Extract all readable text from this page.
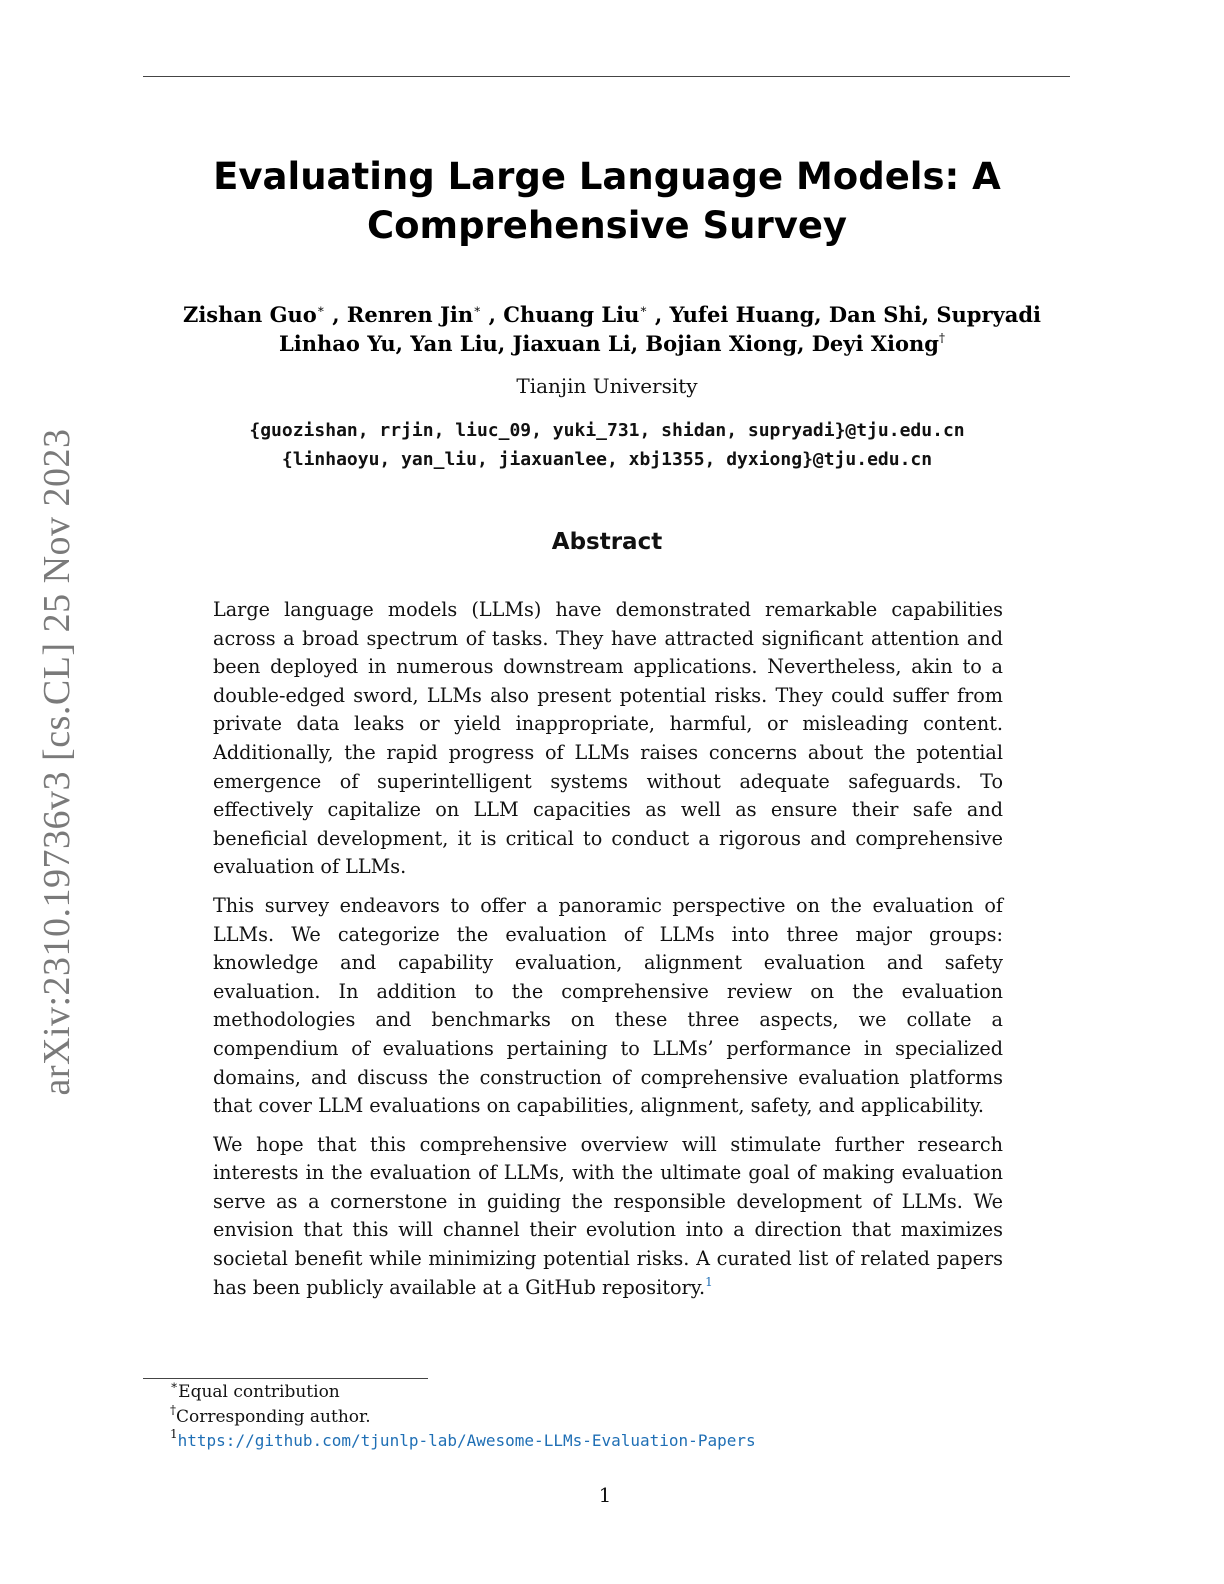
arXiv:2310.19736v3 [cs.CL] 25 Nov 2023
Evaluating Large Language Models: A
Comprehensive Survey
Zishan Guo∗ , Renren Jin∗ , Chuang Liu∗ , Yufei Huang, Dan Shi, Supryadi
Linhao Yu, Yan Liu, Jiaxuan Li, Bojian Xiong, Deyi Xiong†
Tianjin University
{guozishan, rrjin, liuc_09, yuki_731, shidan, supryadi}@tju.edu.cn
{linhaoyu, yan_liu, jiaxuanlee, xbj1355, dyxiong}@tju.edu.cn
Abstract

Large language models (LLMs) have demonstrated remarkable capabilities across a broad spectrum of tasks. They have attracted significant attention and been deployed in numerous downstream applications. Nevertheless, akin to a double-edged sword, LLMs also present potential risks. They could suffer from private data leaks or yield inappropriate, harmful, or misleading content. Additionally, the rapid progress of LLMs raises concerns about the potential emergence of superintelligent systems without adequate safeguards. To effectively capitalize on LLM capacities as well as ensure their safe and beneficial development, it is critical to conduct a rigorous and comprehensive evaluation of LLMs.

This survey endeavors to offer a panoramic perspective on the evaluation of LLMs. We categorize the evaluation of LLMs into three major groups: knowledge and capability evaluation, alignment evaluation and safety evaluation. In addition to the comprehensive review on the evaluation methodologies and benchmarks on these three aspects, we collate a compendium of evaluations pertaining to LLMs’ performance in specialized domains, and discuss the construction of comprehensive evaluation platforms that cover LLM evaluations on capabilities, alignment, safety, and applicability.

We hope that this comprehensive overview will stimulate further research interests in the evaluation of LLMs, with the ultimate goal of making evaluation serve as a cornerstone in guiding the responsible development of LLMs. We envision that this will channel their evolution into a direction that maximizes societal benefit while minimizing potential risks. A curated list of related papers has been publicly available at a GitHub repository.$^1$

∗Equal contribution
†Corresponding author.
$^1$https://github.com/tjunlp-lab/Awesome-LLMs-Evaluation-Papers
1
